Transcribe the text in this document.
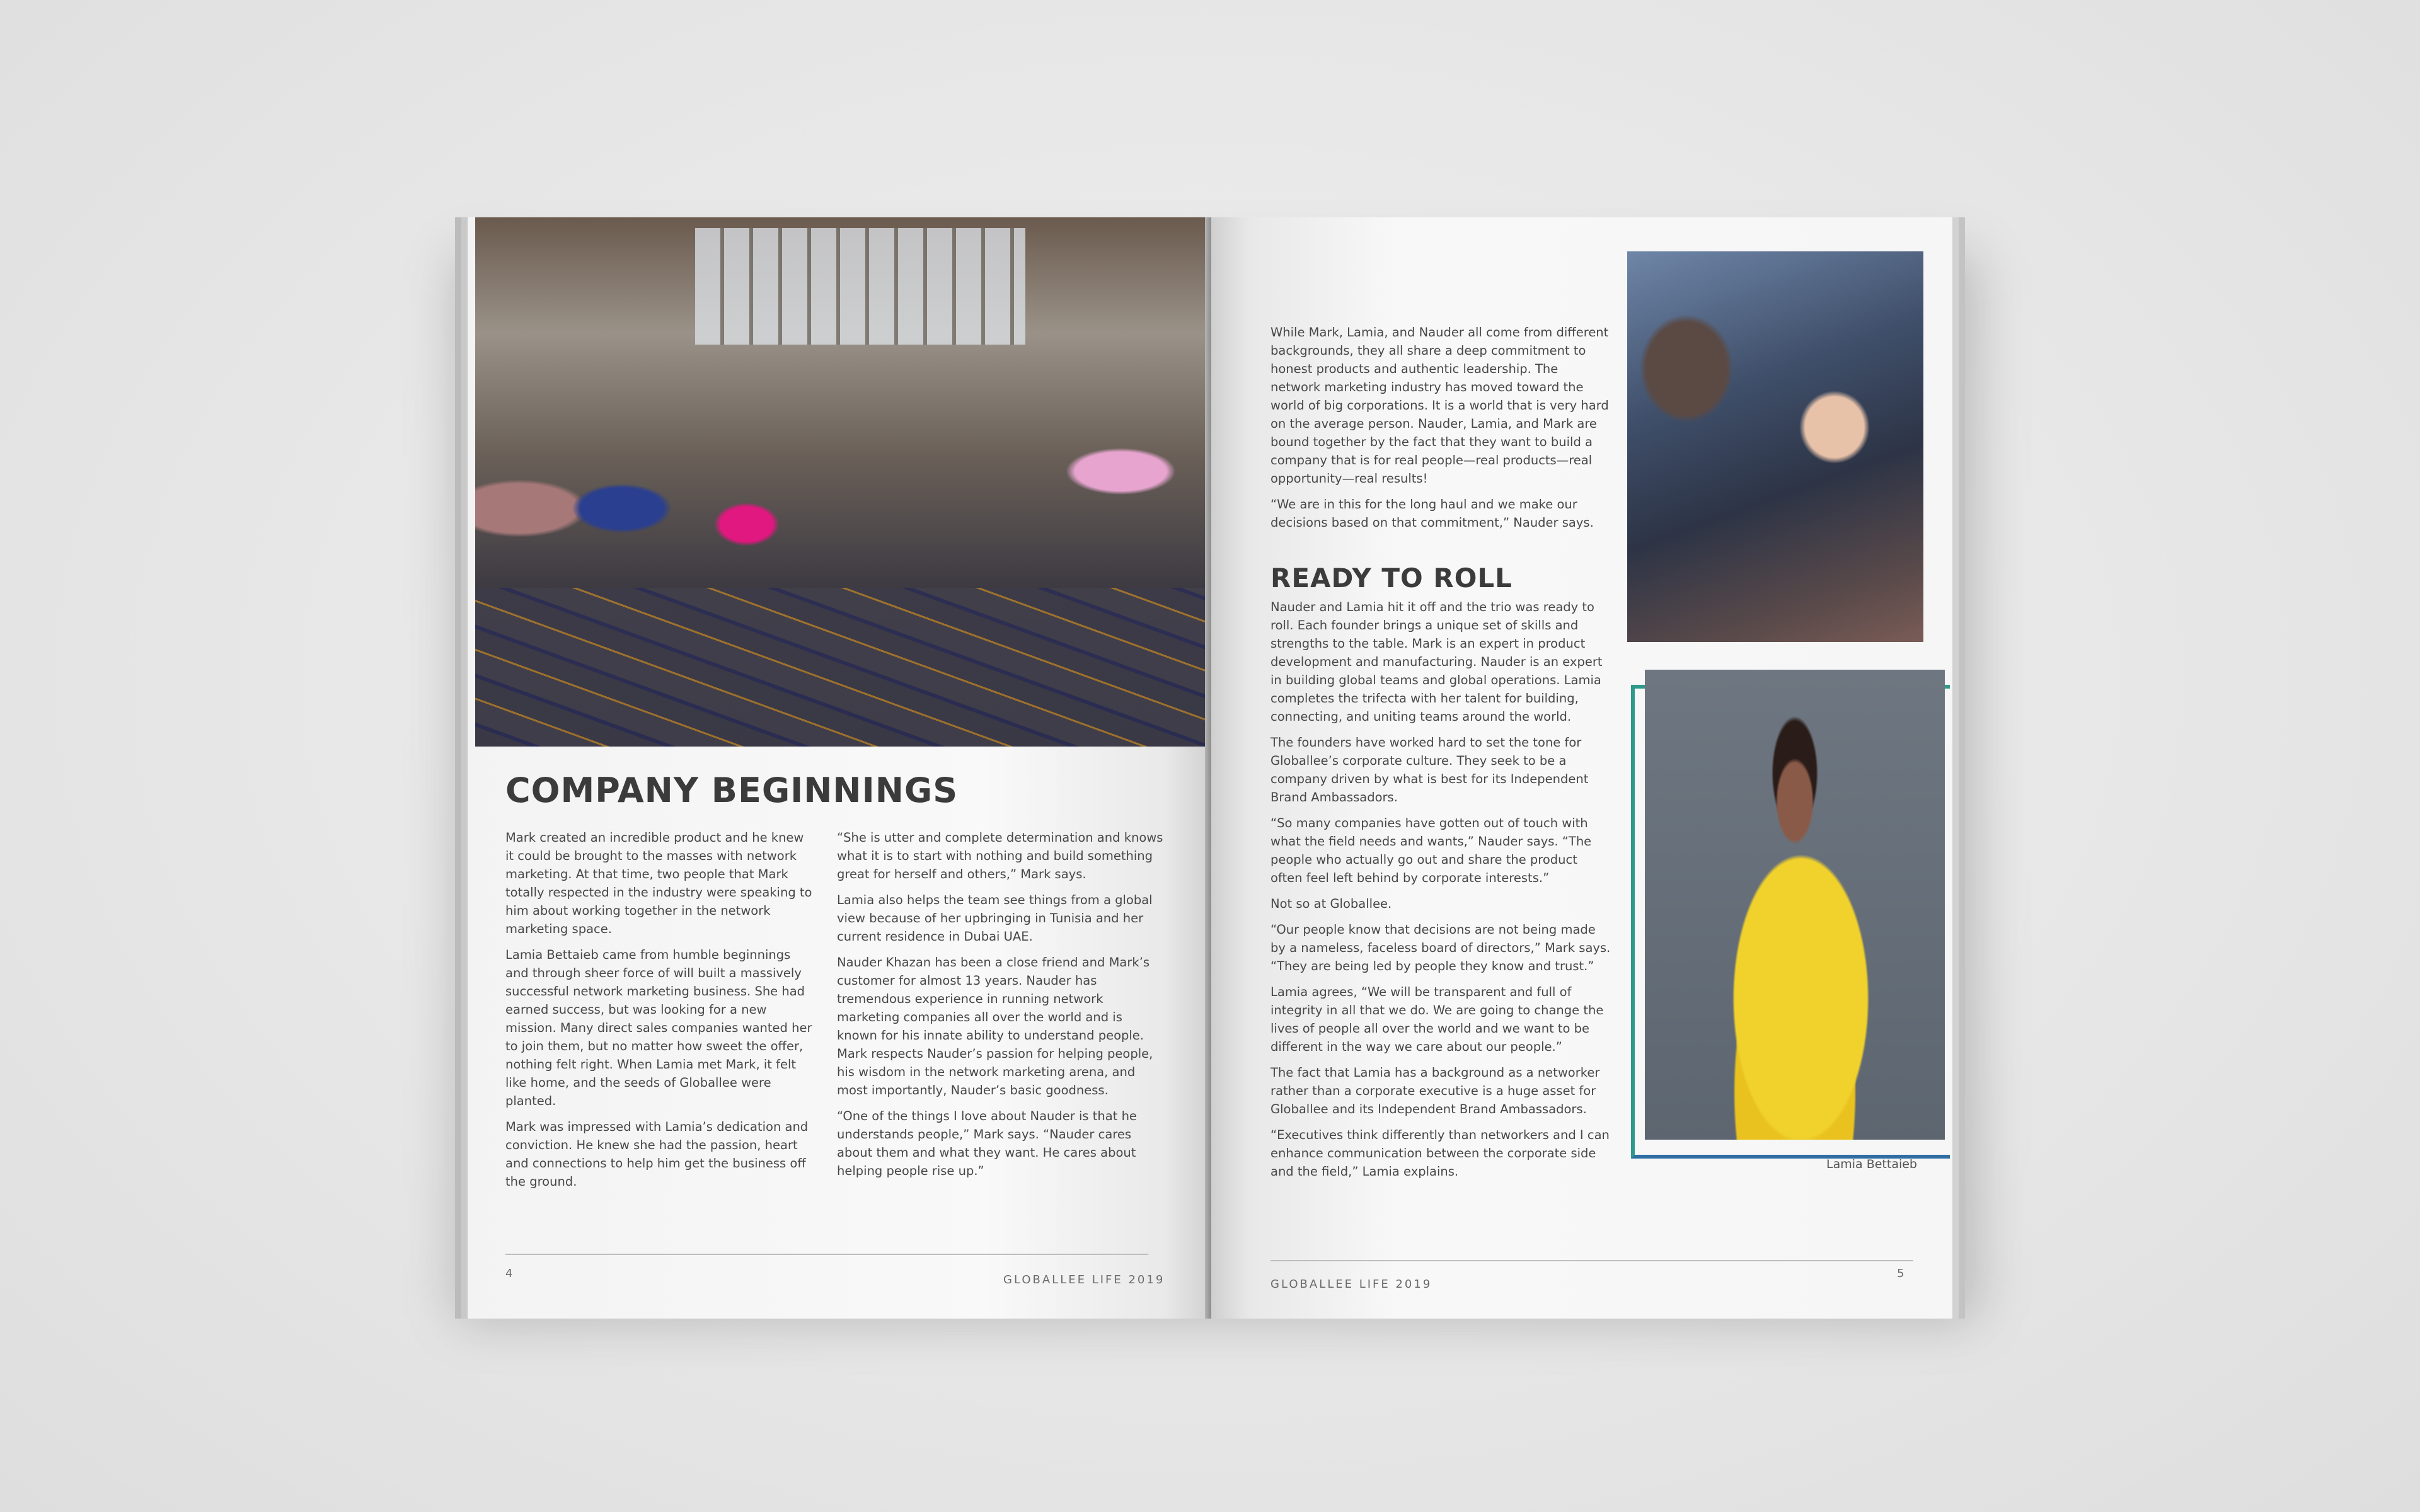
COMPANY BEGINNINGS

Mark created an incredible product and he knew it could be brought to the masses with network marketing. At that time, two people that Mark totally respected in the industry were speaking to him about working together in the network marketing space.

Lamia Bettaieb came from humble beginnings and through sheer force of will built a massively successful network marketing business. She had earned success, but was looking for a new mission. Many direct sales companies wanted her to join them, but no matter how sweet the offer, nothing felt right. When Lamia met Mark, it felt like home, and the seeds of Globallee were planted.

Mark was impressed with Lamia’s dedication and conviction. He knew she had the passion, heart and connections to help him get the business off the ground.

“She is utter and complete determination and knows what it is to start with nothing and build something great for herself and others,” Mark says.

Lamia also helps the team see things from a global view because of her upbringing in Tunisia and her current residence in Dubai UAE.

Nauder Khazan has been a close friend and Mark’s customer for almost 13 years. Nauder has tremendous experience in running network marketing companies all over the world and is known for his innate ability to understand people. Mark respects Nauder’s passion for helping people, his wisdom in the network marketing arena, and most importantly, Nauder’s basic goodness.

“One of the things I love about Nauder is that he understands people,” Mark says. “Nauder cares about them and what they want. He cares about helping people rise up.”

4	GLOBALLEE LIFE 2019

While Mark, Lamia, and Nauder all come from different backgrounds, they all share a deep commitment to honest products and authentic leadership. The network marketing industry has moved toward the world of big corporations. It is a world that is very hard on the average person. Nauder, Lamia, and Mark are bound together by the fact that they want to build a company that is for real people—real products—real opportunity—real results!

“We are in this for the long haul and we make our decisions based on that commitment,” Nauder says.

READY TO ROLL

Nauder and Lamia hit it off and the trio was ready to roll. Each founder brings a unique set of skills and strengths to the table. Mark is an expert in product development and manufacturing. Nauder is an expert in building global teams and global operations. Lamia completes the trifecta with her talent for building, connecting, and uniting teams around the world.

The founders have worked hard to set the tone for Globallee’s corporate culture. They seek to be a company driven by what is best for its Independent Brand Ambassadors.

“So many companies have gotten out of touch with what the field needs and wants,” Nauder says. “The people who actually go out and share the product often feel left behind by corporate interests.”

Not so at Globallee.

“Our people know that decisions are not being made by a nameless, faceless board of directors,” Mark says. “They are being led by people they know and trust.”

Lamia agrees, “We will be transparent and full of integrity in all that we do. We are going to change the lives of people all over the world and we want to be different in the way we care about our people.”

The fact that Lamia has a background as a networker rather than a corporate executive is a huge asset for Globallee and its Independent Brand Ambassadors.

“Executives think differently than networkers and I can enhance communication between the corporate side and the field,” Lamia explains.	Lamia Bettaieb
GLOBALLEE LIFE 2019
5
